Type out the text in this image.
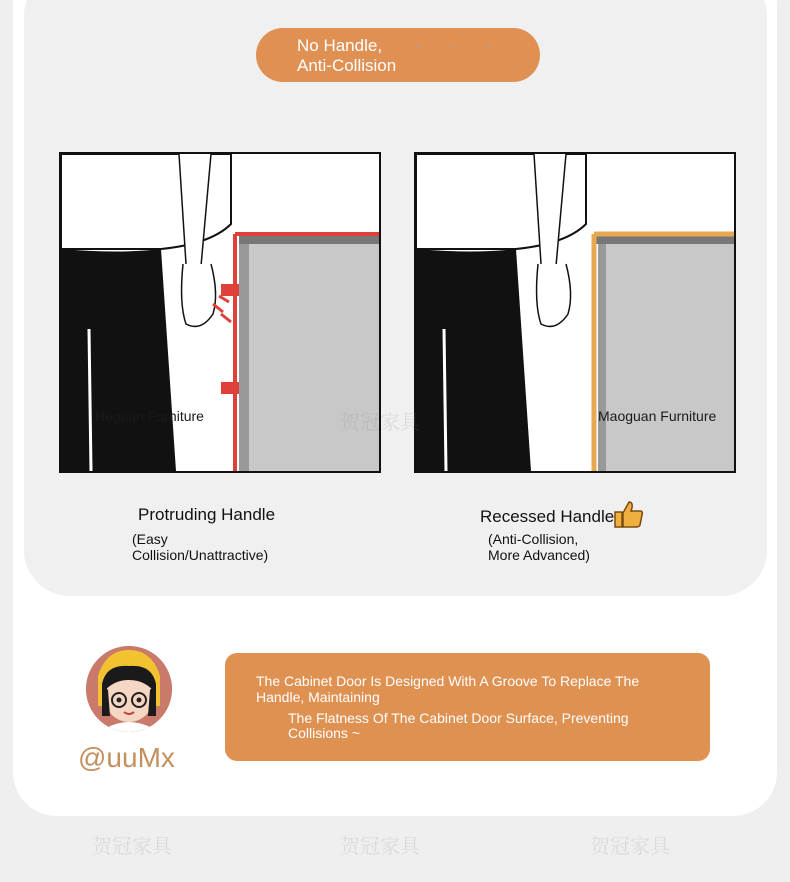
No Handle,
Anti-Collision
• • •
Heguan Furniture	Maoguan Furniture
贺冠家具
Protruding Handle
(Easy
Collision/Unattractive)
Recessed Handle
(Anti-Collision,
More Advanced)
@uuMx
The Cabinet Door Is Designed With A Groove To Replace The Handle, Maintaining
The Flatness Of The Cabinet Door Surface, Preventing Collisions ~
贺冠家具	贺冠家具	贺冠家具
